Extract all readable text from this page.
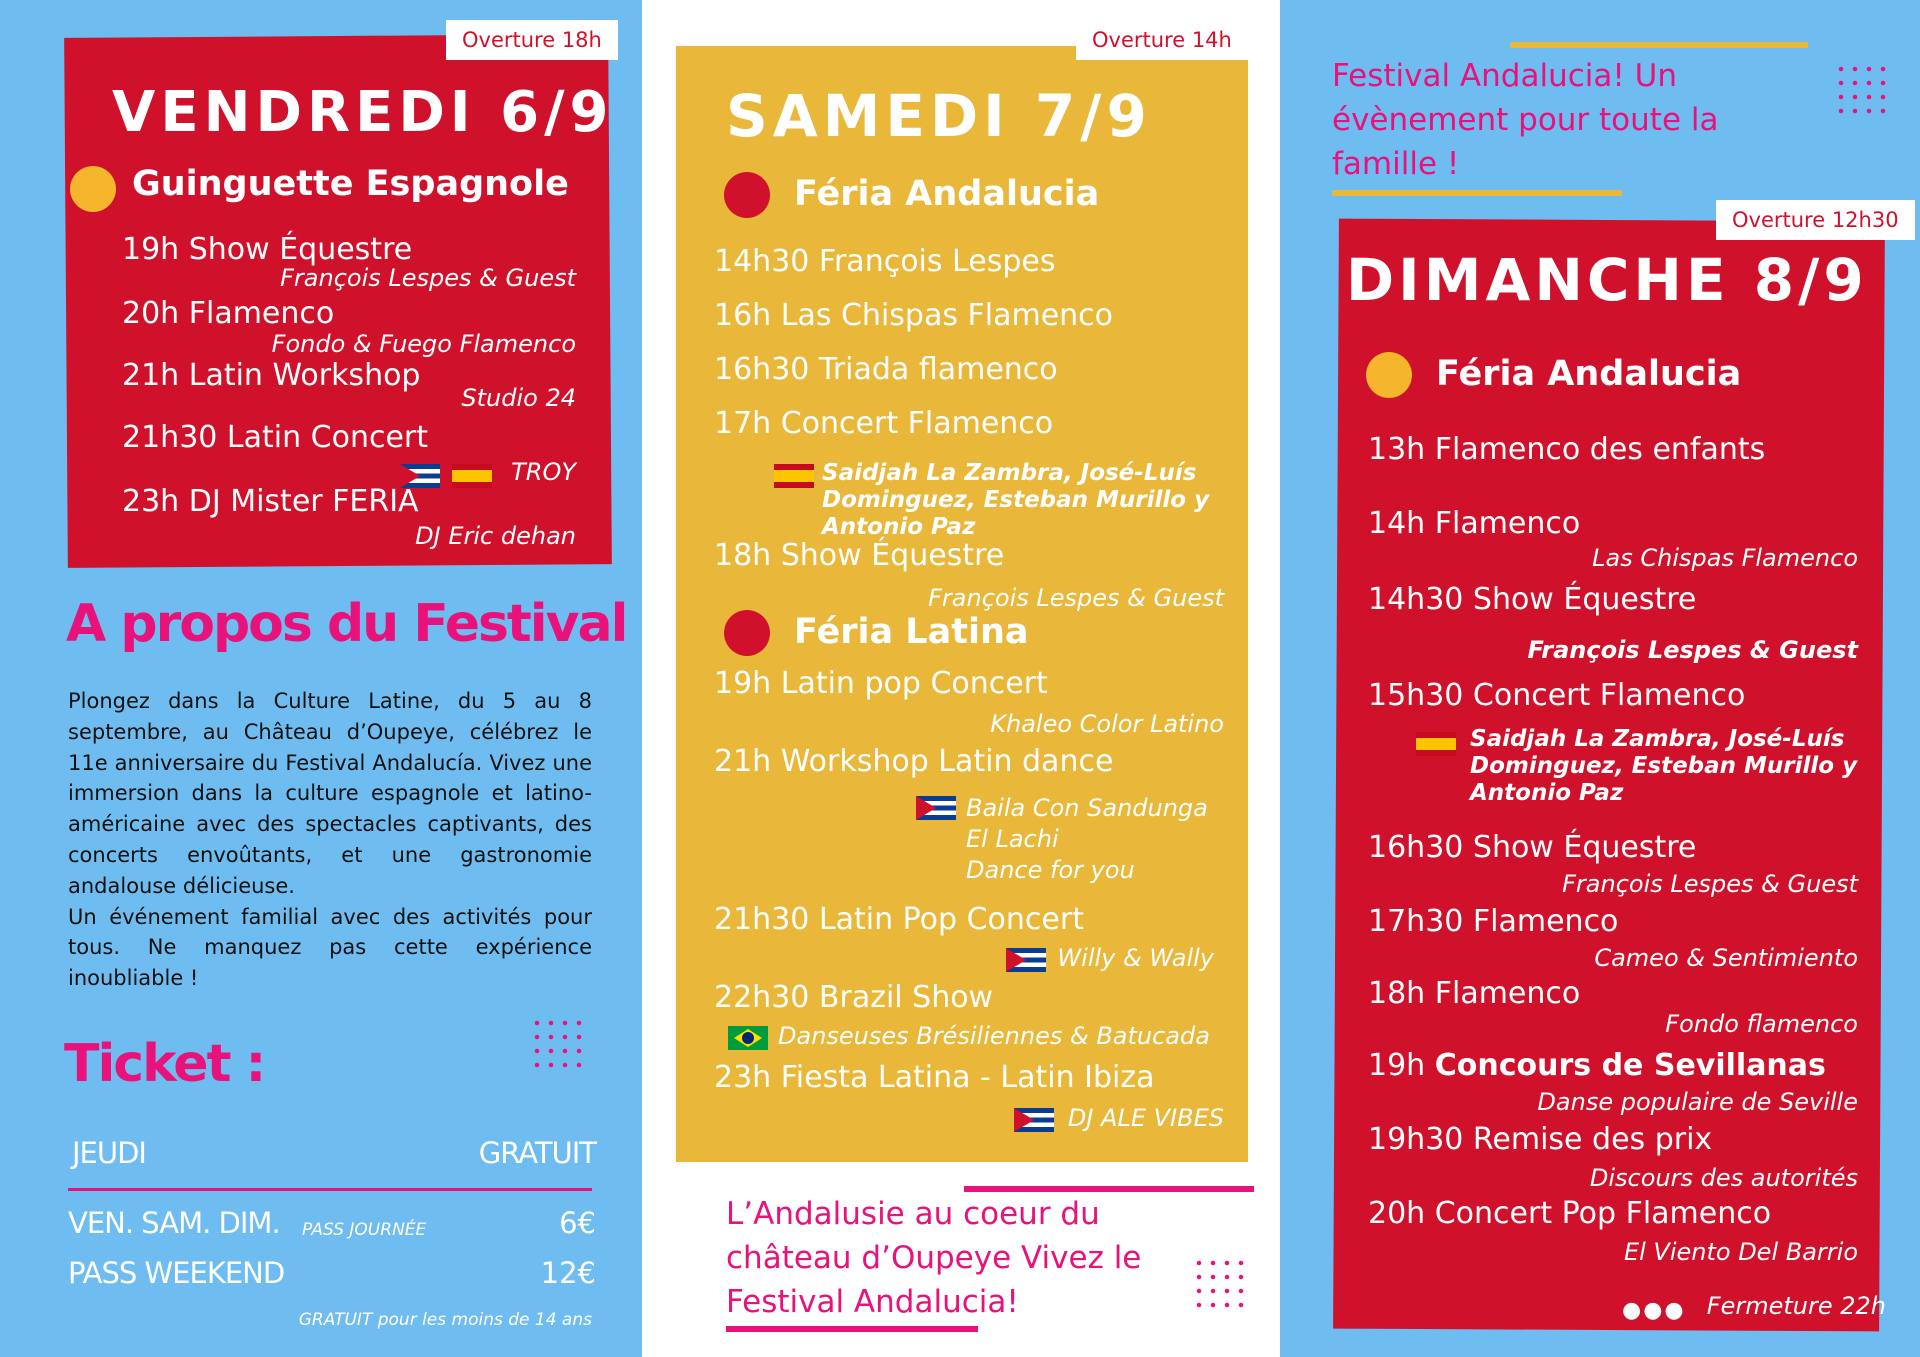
Overture 18h
VENDREDI 6/9
Guinguette Espagnole
19h Show Équestre
François Lespes & Guest
20h Flamenco
Fondo & Fuego Flamenco
21h Latin Workshop
Studio 24
21h30 Latin Concert
TROY
23h DJ Mister FERIA
DJ Eric dehan
A propos du Festival
Plongez dans la Culture Latine, du 5 au 8 septembre, au Château d’Oupeye, célébrez le 11e anniversaire du Festival Andalucía. Vivez une immersion dans la culture espagnole et latino-américaine avec des spectacles captivants, des concerts envoûtants, et une gastronomie andalouse délicieuse.
Un événement familial avec des activités pour tous. Ne manquez pas cette expérience inoubliable !
Ticket :
JEUDI	GRATUIT
VEN. SAM. DIM. PASS JOURNÉE	6€
PASS WEEKEND	12€
GRATUIT pour les moins de 14 ans
Overture 14h
SAMEDI 7/9
Féria Andalucia
14h30 François Lespes
16h Las Chispas Flamenco
16h30 Triada flamenco
17h Concert Flamenco
Saidjah La Zambra, José-Luís Dominguez, Esteban Murillo y Antonio Paz
18h Show Équestre
François Lespes & Guest
Féria Latina
19h Latin pop Concert
Khaleo Color Latino
21h Workshop Latin dance
Baila Con Sandunga
El Lachi
Dance for you
21h30 Latin Pop Concert
Willy & Wally
22h30 Brazil Show
Danseuses Brésiliennes & Batucada
23h Fiesta Latina - Latin Ibiza
DJ ALE VIBES
L’Andalusie au coeur du château d’Oupeye Vivez le Festival Andalucia!
Festival Andalucia! Un évènement pour toute la famille !
Overture 12h30
DIMANCHE 8/9
Féria Andalucia
13h Flamenco des enfants
14h Flamenco
Las Chispas Flamenco
14h30 Show Équestre
François Lespes & Guest
15h30 Concert Flamenco
Saidjah La Zambra, José-Luís Dominguez, Esteban Murillo y Antonio Paz
16h30 Show Équestre
François Lespes & Guest
17h30 Flamenco
Cameo & Sentimiento
18h Flamenco
Fondo flamenco
19h Concours de Sevillanas
Danse populaire de Seville
19h30 Remise des prix
Discours des autorités
20h Concert Pop Flamenco
El Viento Del Barrio
●●● Fermeture 22h
